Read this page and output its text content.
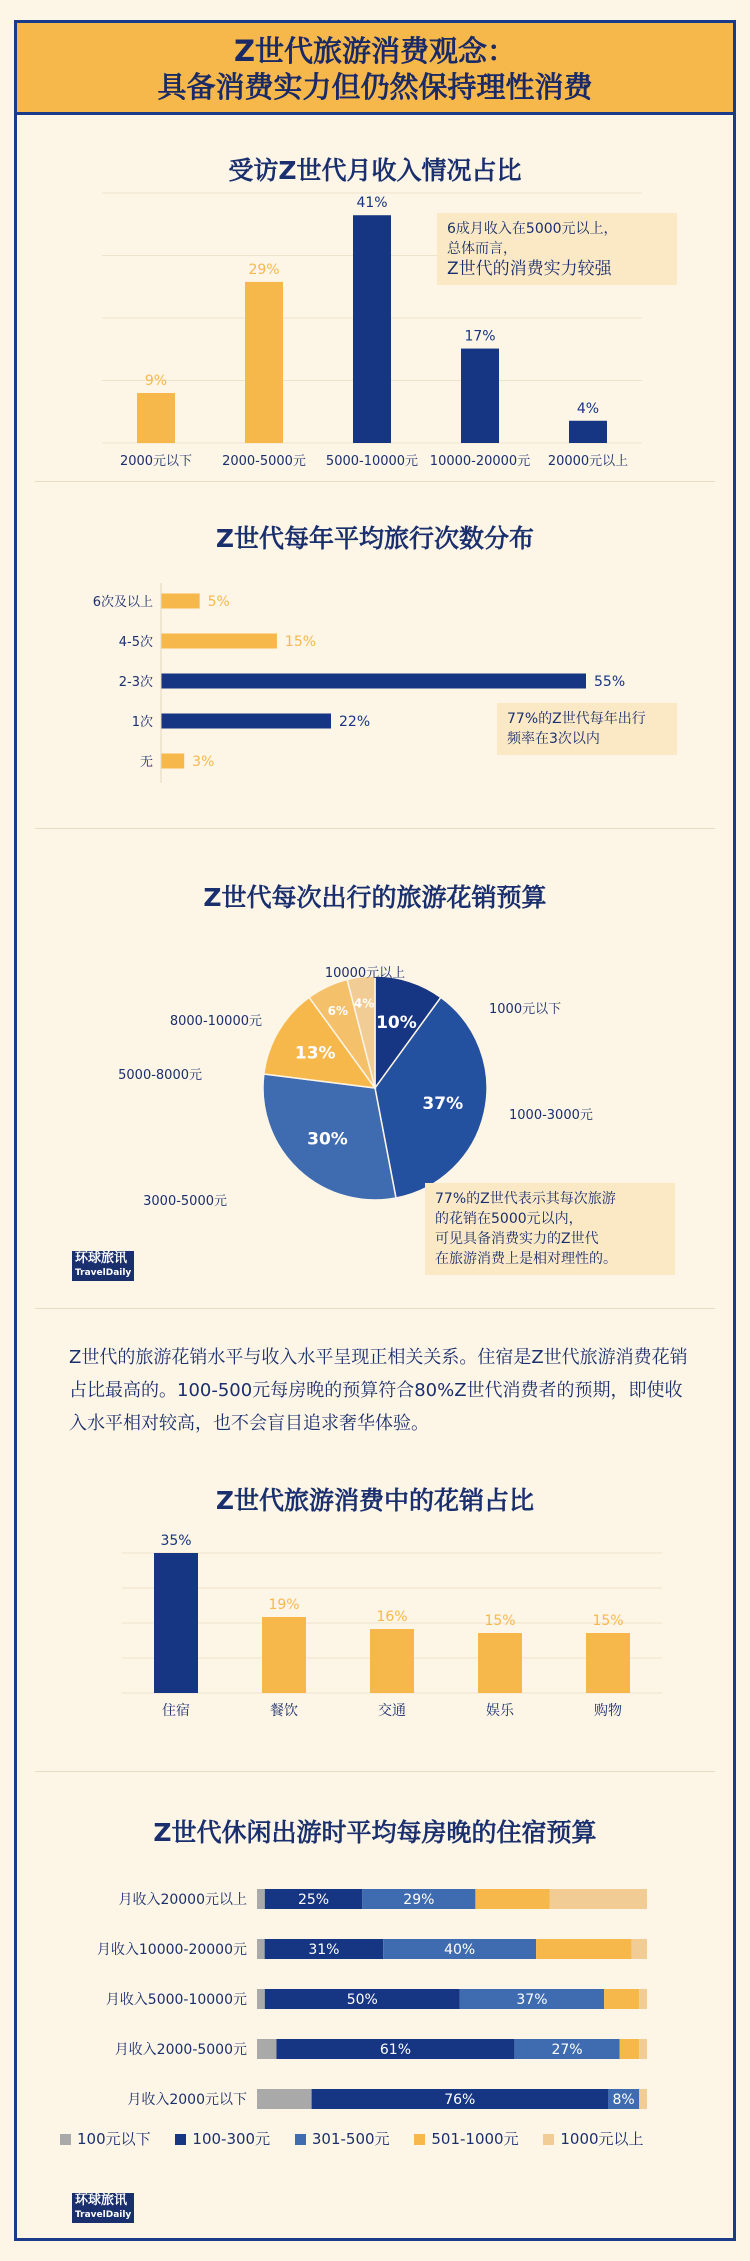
Z世代旅游消费观念：
具备消费实力但仍然保持理性消费
受访Z世代月收入情况占比
9%
2000元以下
29%
2000-5000元
41%
5000-10000元
17%
10000-20000元
4%
20000元以上
6成月收入在5000元以上，
总体而言，
Z世代的消费实力较强
Z世代每年平均旅行次数分布
6次及以上	5%
4-5次	15%
2-3次	55%
1次	22%
无	3%
77%的Z世代每年出行
频率在3次以内
Z世代每次出行的旅游花销预算
10%
1000元以下
37%
1000-3000元
30%
3000-5000元
13%
5000-8000元
6%
8000-10000元
4%
10000元以上
77%的Z世代表示其每次旅游
的花销在5000元以内，
可见具备消费实力的Z世代
在旅游消费上是相对理性的。
环球旅讯
TravelDaily
Z世代的旅游花销水平与收入水平呈现正相关关系。住宿是Z世代旅游消费花销占比最高的。100-500元每房晚的预算符合80%Z世代消费者的预期，即使收入水平相对较高，也不会盲目追求奢华体验。
Z世代旅游消费中的花销占比
35%
住宿
19%
餐饮
16%
交通
15%
娱乐
15%
购物
Z世代休闲出游时平均每房晚的住宿预算
月收入20000元以上	25%	29%
月收入10000-20000元	31%	40%
月收入5000-10000元	50%	37%
月收入2000-5000元	61%	27%
月收入2000元以下	76%	8%
环球旅讯
TravelDaily
100元以下	100-300元	301-500元	501-1000元	1000元以上
